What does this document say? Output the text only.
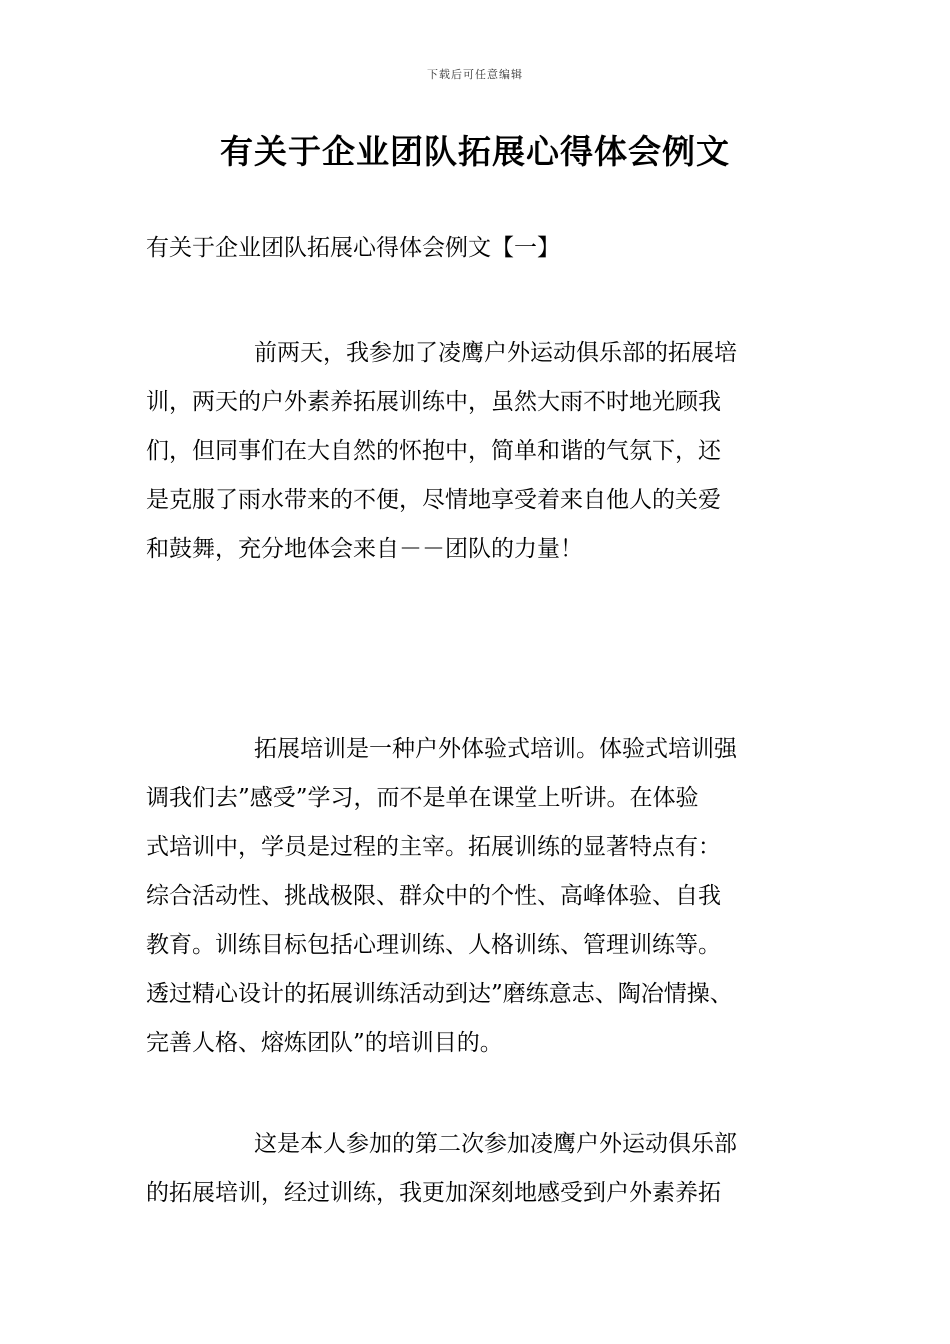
下载后可任意编辑
有关于企业团队拓展心得体会例文
有关于企业团队拓展心得体会例文【一】
前两天，我参加了凌鹰户外运动俱乐部的拓展培
训，两天的户外素养拓展训练中，虽然大雨不时地光顾我
们，但同事们在大自然的怀抱中，简单和谐的气氛下，还
是克服了雨水带来的不便，尽情地享受着来自他人的关爱
和鼓舞，充分地体会来自－－团队的力量！
拓展培训是一种户外体验式培训。体验式培训强
调我们去”感受”学习，而不是单在课堂上听讲。在体验
式培训中，学员是过程的主宰。拓展训练的显著特点有：
综合活动性、挑战极限、群众中的个性、高峰体验、自我
教育。训练目标包括心理训练、人格训练、管理训练等。
透过精心设计的拓展训练活动到达”磨练意志、陶冶情操、
完善人格、熔炼团队”的培训目的。
这是本人参加的第二次参加凌鹰户外运动俱乐部
的拓展培训，经过训练，我更加深刻地感受到户外素养拓
